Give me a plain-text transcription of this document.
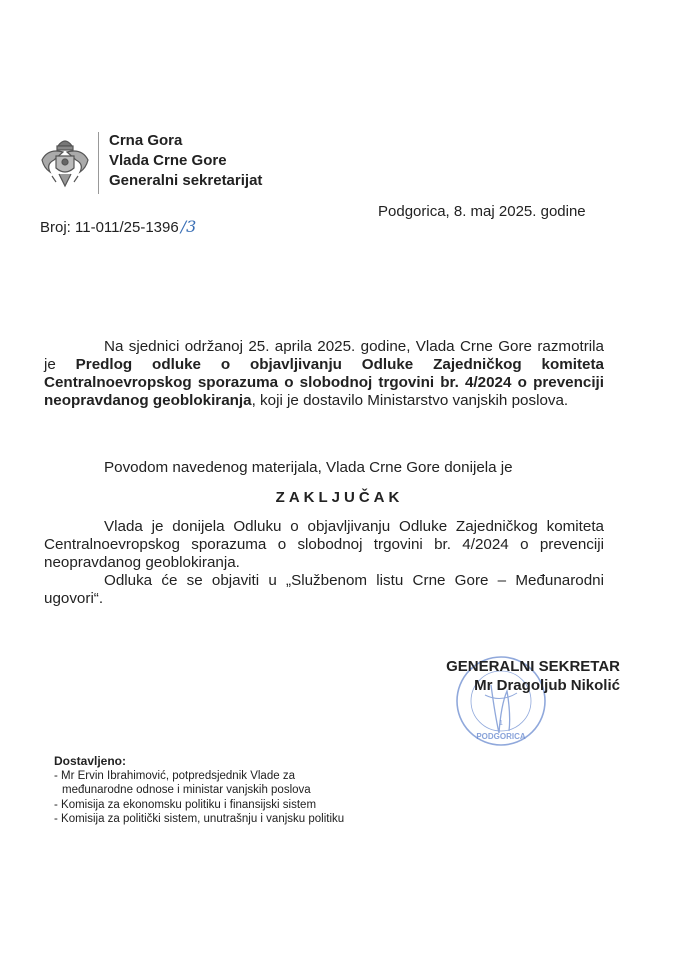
Crna Gora
Vlada Crne Gore
Generalni sekretarijat
Broj: 11-011/25-1396 /3
Podgorica, 8. maj 2025. godine
Na sjednici održanoj 25. aprila 2025. godine, Vlada Crne Gore razmotrila je Predlog odluke o objavljivanju Odluke Zajedničkog komiteta Centralnoevropskog sporazuma o slobodnoj trgovini br. 4/2024 o prevenciji neopravdanog geoblokiranja, koji je dostavilo Ministarstvo vanjskih poslova.
Povodom navedenog materijala, Vlada Crne Gore donijela je
ZAKLJUČAK
Vlada je donijela Odluku o objavljivanju Odluke Zajedničkog komiteta Centralnoevropskog sporazuma o slobodnoj trgovini br. 4/2024 o prevenciji neopravdanog geoblokiranja.
Odluka će se objaviti u „Službenom listu Crne Gore – Međunarodni ugovori“.
PODGORICA
1
GENERALNI SEKRETAR
Mr Dragoljub Nikolić
Dostavljeno:
- Mr Ervin Ibrahimović, potpredsjednik Vlade za
međunarodne odnose i ministar vanjskih poslova
- Komisija za ekonomsku politiku i finansijski sistem
- Komisija za politički sistem, unutrašnju i vanjsku politiku
